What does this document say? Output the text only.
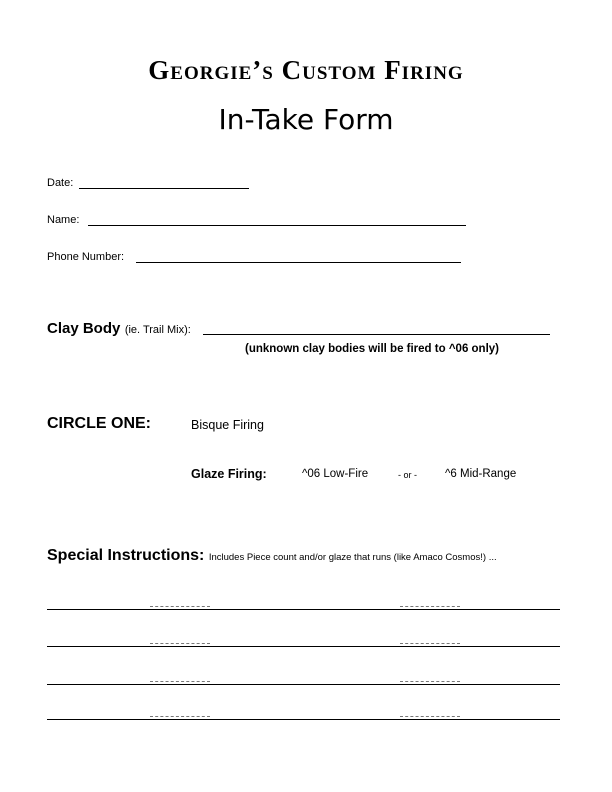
Georgie’s Custom Firing
In-Take Form
Date:
Name:
Phone Number:
Clay Body (ie. Trail Mix):
(unknown clay bodies will be fired to ^06 only)
CIRCLE ONE:	Bisque Firing
Glaze Firing:	^06 Low-Fire	- or - ^6 Mid-Range
Special Instructions: Includes Piece count and/or glaze that runs (like Amaco Cosmos!) ...
